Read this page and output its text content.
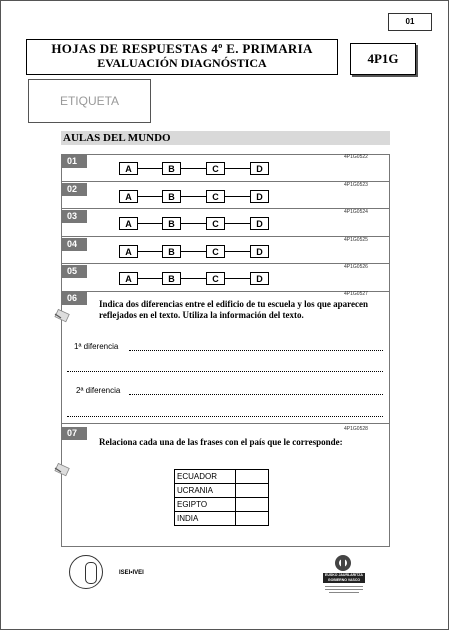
01
HOJAS DE RESPUESTAS 4º E. PRIMARIA
EVALUACIÓN DIAGNÓSTICA	4P1G
ETIQUETA
AULAS DEL MUNDO
01	4P1G0522
A	B	C	D
02	4P1G0523
A	B	C	D
03	4P1G0524
A	B	C	D
04	4P1G0525
A	B	C	D
05	4P1G0526
A	B	C	D
06	4P1G0527
Indica dos diferencias entre el edificio de tu escuela y los que aparecen reflejados en el texto. Utiliza la información del texto.
1ª diferencia
2ª diferencia
07	4P1G0528
Relaciona cada una de las frases con el país que le corresponde:
ECUADOR	
UCRANIA	
EGIPTO	
INDIA	
ISEI•IVEI	EUSKO JAURLARITZA GOBIERNO VASCO
